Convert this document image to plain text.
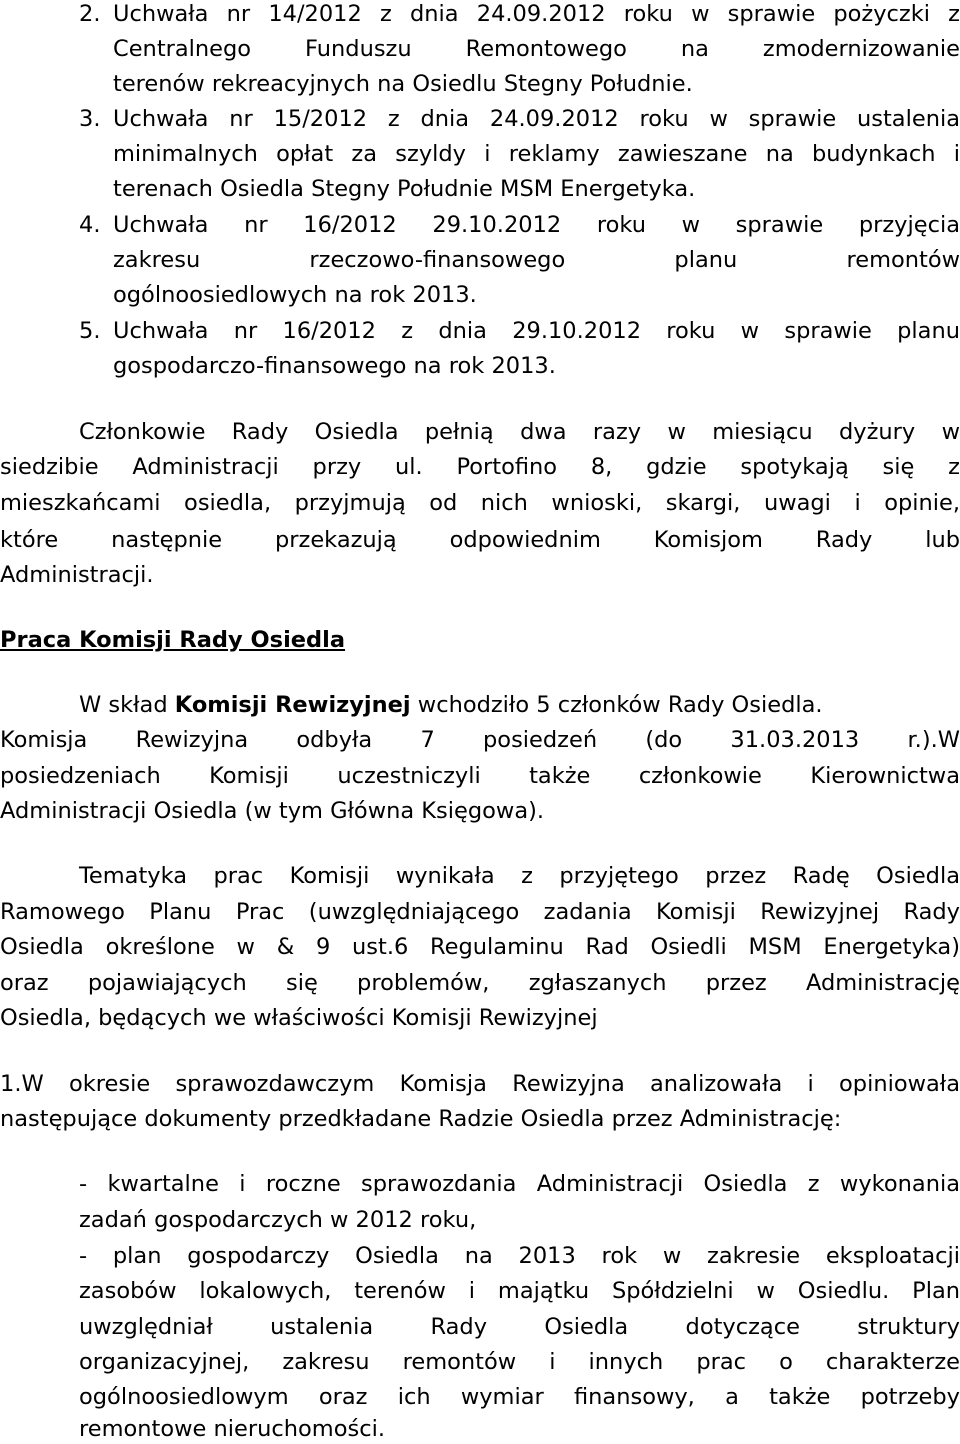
2. Uchwała nr 14/2012 z dnia 24.09.2012 roku w sprawie pożyczki z
Centralnego Funduszu Remontowego na zmodernizowanie
terenów rekreacyjnych na Osiedlu Stegny Południe.
3. Uchwała nr 15/2012 z dnia 24.09.2012 roku w sprawie ustalenia
minimalnych opłat za szyldy i reklamy zawieszane na budynkach i
terenach Osiedla Stegny Południe MSM Energetyka.
4. Uchwała nr 16/2012 29.10.2012 roku w sprawie przyjęcia
zakresu rzeczowo-finansowego planu remontów
ogólnoosiedlowych na rok 2013.
5. Uchwała nr 16/2012 z dnia 29.10.2012 roku w sprawie planu
gospodarczo-finansowego na rok 2013.
Członkowie Rady Osiedla pełnią dwa razy w miesiącu dyżury w
siedzibie Administracji przy ul. Portofino 8, gdzie spotykają się z
mieszkańcami osiedla, przyjmują od nich wnioski, skargi, uwagi i opinie,
które następnie przekazują odpowiednim Komisjom Rady lub
Administracji.
Praca Komisji Rady Osiedla
W skład Komisji Rewizyjnej wchodziło 5 członków Rady Osiedla.
Komisja Rewizyjna odbyła 7 posiedzeń (do 31.03.2013 r.).W
posiedzeniach Komisji uczestniczyli także członkowie Kierownictwa
Administracji Osiedla (w tym Główna Księgowa).
Tematyka prac Komisji wynikała z przyjętego przez Radę Osiedla
Ramowego Planu Prac (uwzględniającego zadania Komisji Rewizyjnej Rady
Osiedla określone w & 9 ust.6 Regulaminu Rad Osiedli MSM Energetyka)
oraz pojawiających się problemów, zgłaszanych przez Administrację
Osiedla, będących we właściwości Komisji Rewizyjnej
1.W okresie sprawozdawczym Komisja Rewizyjna analizowała i opiniowała
następujące dokumenty przedkładane Radzie Osiedla przez Administrację:
- kwartalne i roczne sprawozdania Administracji Osiedla z wykonania
zadań gospodarczych w 2012 roku,
- plan gospodarczy Osiedla na 2013 rok w zakresie eksploatacji
zasobów lokalowych, terenów i majątku Spółdzielni w Osiedlu. Plan
uwzględniał ustalenia Rady Osiedla dotyczące struktury
organizacyjnej, zakresu remontów i innych prac o charakterze
ogólnoosiedlowym oraz ich wymiar finansowy, a także potrzeby
remontowe nieruchomości.
